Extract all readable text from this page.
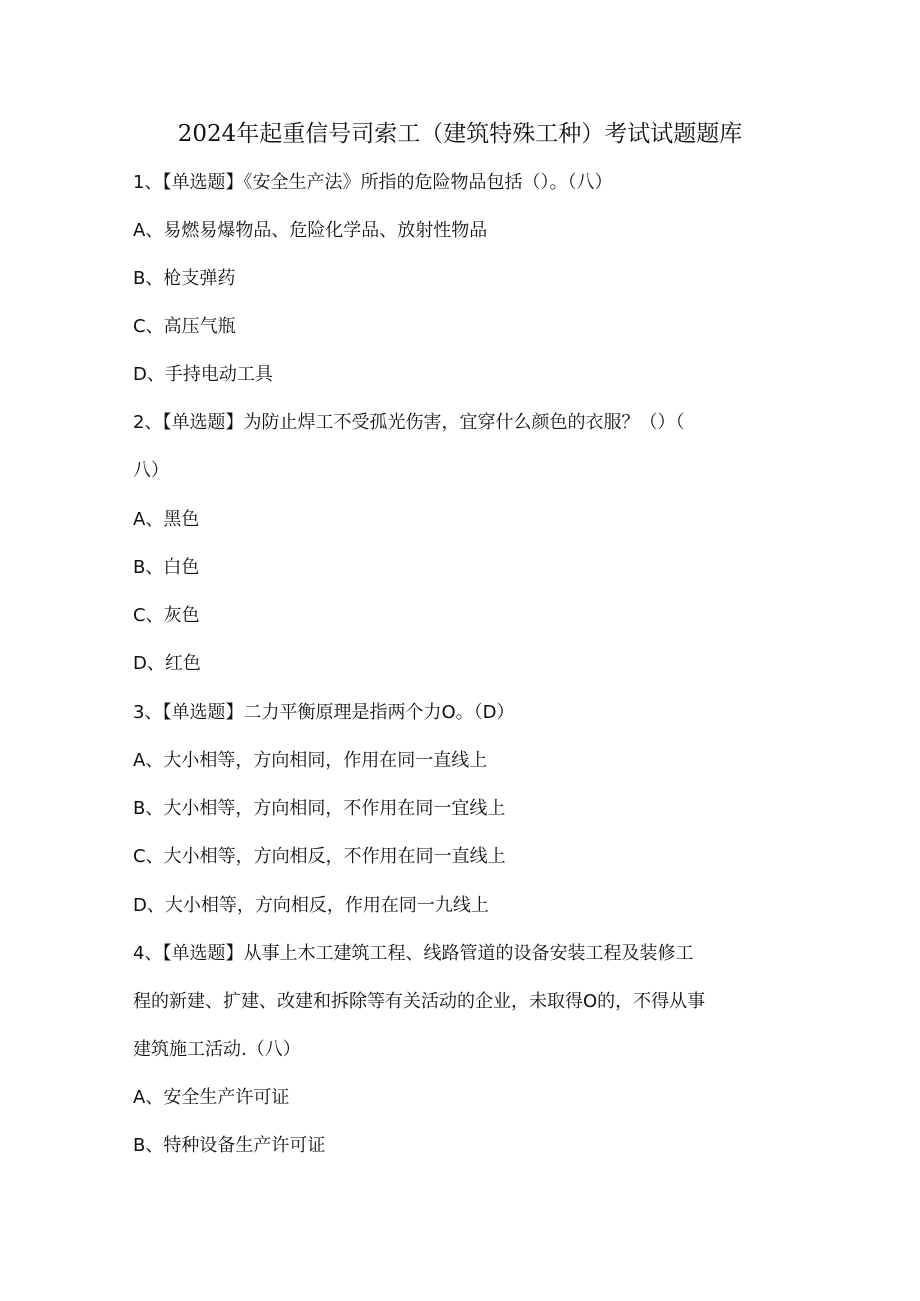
2024年起重信号司索工（建筑特殊工种）考试试题题库
1、【单选题】《安全生产法》所指的危险物品包括（）。（八）
A、易燃易爆物品、危险化学品、放射性物品
B、枪支弹药
C、高压气瓶
D、手持电动工具
2、【单选题】为防止焊工不受孤光伤害，宜穿什么颜色的衣服？（）（
八）
A、黑色
B、白色
C、灰色
D、红色
3、【单选题】二力平衡原理是指两个力O。（D）
A、大小相等，方向相同，作用在同一直线上
B、大小相等，方向相同，不作用在同一宜线上
C、大小相等，方向相反，不作用在同一直线上
D、大小相等，方向相反，作用在同一九线上
4、【单选题】从事上木工建筑工程、线路管道的设备安装工程及装修工
程的新建、扩建、改建和拆除等有关活动的企业，未取得O的，不得从事
建筑施工活动.（八）
A、安全生产许可证
B、特种设备生产许可证
